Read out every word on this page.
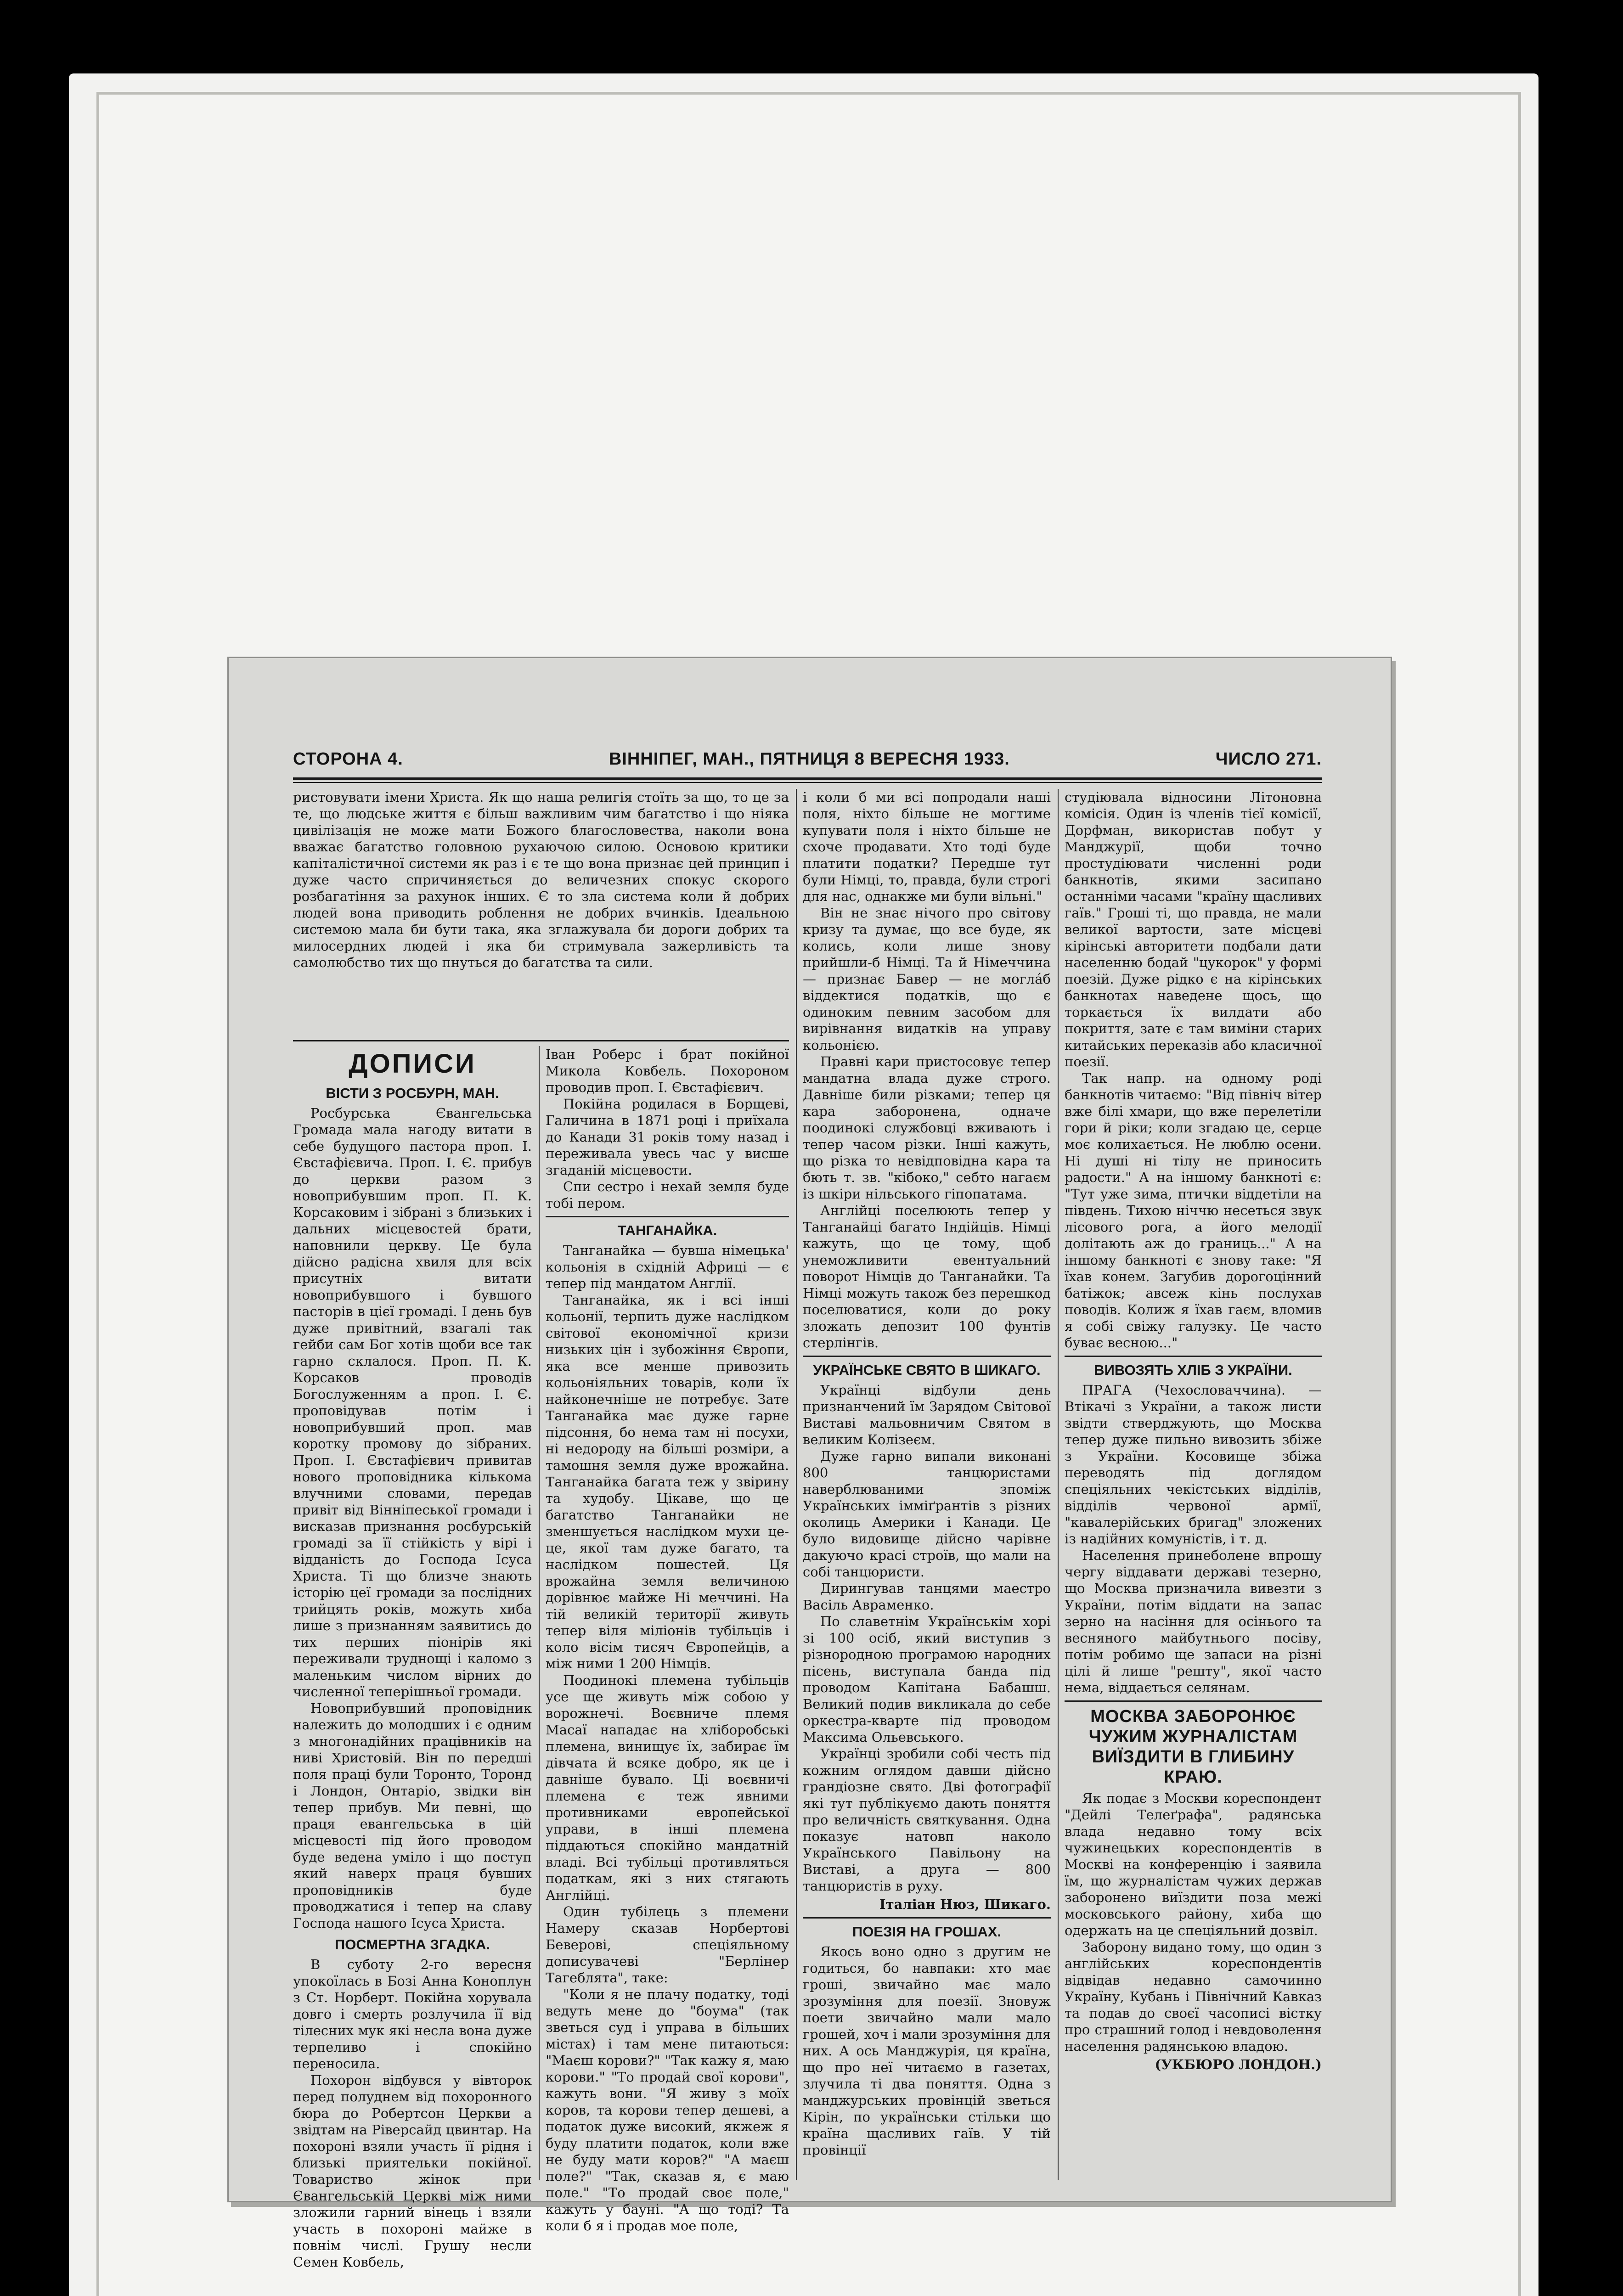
СТОРОНА 4.	ВІННІПЕГ, МАН., ПЯТНИЦЯ 8 ВЕРЕСНЯ 1933.	ЧИСЛО 271.

ристовувати імени Христа. Як що наша религія стоїть за що, то це за те, що людське життя є більш важливим чим багатство і що ніяка цивілізація не може мати Божого благословества, наколи вона вважає багатство головною рухаючою силою. Основою критики капіталістичної системи як раз і є те що вона признає цей принцип і дуже часто спричиняється до величезних спокус скорого розбагатіння за рахунок інших. Є то зла система коли й добрих людей вона приводить роблення не добрих вчинків. Ідеальною системою мала би бути така, яка зглажувала би дороги добрих та милосердних людей і яка би стримувала зажерливість та самолюбство тих що пнуться до багатства та сили.

ДОПИСИ
ВІСТИ З РОСБУРН, МАН.

Росбурська Євангельська Громада мала нагоду витати в себе будущого пастора проп. І. Євстафієвича. Проп. І. Є. прибув до церкви разом з новоприбувшим проп. П. К. Корсаковим і зібрані з близьких і дальних місцевостей брати, наповнили церкву. Це була дійсно радісна хвиля для всіх присутніх витати новоприбувшого і бувшого пасторів в цієї громаді. І день був дуже привітний, взагалі так гейби сам Бог хотів щоби все так гарно склалося. Проп. П. К. Корсаков проводів Богослуженням а проп. І. Є. проповідував потім і новоприбувший проп. мав коротку промову до зібраних. Проп. І. Євстафієвич привитав нового проповідника кількома влучними словами, передав привіт від Вінніпеської громади і висказав признання росбурській громаді за її стійкість у вірі і відданість до Господа Ісуса Христа. Ті що близче знають історію цеї громади за послідних трийцять років, можуть хиба лише з признанням заявитись до тих перших піонірів які переживали труднощі і каломо з маленьким числом вірних до численної теперішньої громади.

Новоприбувший проповідник належить до молодших і є одним з многонадійних працівників на ниві Христовій. Він по передші поля праці були Торонто, Торонд і Лондон, Онтаріо, звідки він тепер прибув. Ми певні, що праця евангельська в цій місцевості під його проводом буде ведена умілo і що поступ який наверх праця бувших проповідників буде проводжатися і тепер на славу Господа нашого Ісуса Христа.

ПОСМЕРТНА ЗГАДКА.

В суботу 2-го вересня упокоїлась в Бозі Анна Коноплун з Ст. Норберт. Покійна хорувала довго і смерть розлучила її від тілесних мук які несла вона дуже терпеливо і спокійно переносила.

Похорон відбувся у вівторок перед полуднем від похоронного бюра до Робертсон Церкви а звідтам на Ріверсайд цвинтар. На похороні взяли участь її рідня і близькі приятельки покійної. Товариство жінок при Євангельській Церкві між ними зложили гарний вінець і взяли участь в похороні майже в повнім числі. Грушу несли Семен Ковбель,

Іван Роберс і брат покійної Микола Ковбель. Похороном проводив проп. І. Євстафієвич.

Покійна родилася в Борщеві, Галичина в 1871 році і приїхала до Канади 31 років тому назад і переживала увесь час у висше згаданій місцевости.

Спи сестро і нехай земля буде тобі пером.

ТАНГАНАЙКА.

Танганайка — бувша німецька' кольонія в східній Африці — є тепер під мандатом Англії.

Танганайка, як і всі інші кольонії, терпить дуже наслідком світової економічної кризи низьких цін і зубожіння Європи, яка все менше привозить кольоніяльних товарів, коли їх найконечніше не потребує. Зате Танганайка має дуже гарне підсоння, бо нема там ні посухи, ні недороду на більші розміри, а тамошня земля дуже врожайна. Танганайка багата теж у звірину та худобу. Цікаве, що це багатство Танганайки не зменшується наслідком мухи це-це, якої там дуже багато, та наслідком пошестей. Ця врожайна земля величиною дорівнює майже Ні меччині. На тій великій території живуть тепер віля міліонів тубільців і коло вісім тисяч Європейців, а між ними 1 200 Німців.

Поодинокі племена тубільців усе ще живуть між собою у ворожнечі. Воєвниче племя Масаї нападає на хліборобські племена, винищує їх, забирає їм дівчата й всяке добро, як це і давніше бувало. Ці воєвничі племена є теж явними противниками европейської управи, в інші племена піддаються спокійно мандатній владі. Всі тубільці противляться податкам, які з них стягають Англійці.

Один тубілець з племени Намеру сказав Норбертові Беверові, спеціяльному дописувачеві "Берлінер Тагеблята", таке:

"Коли я не плачу податку, тоді ведуть мене до "боума" (так зветься суд і управа в більших містах) і там мене питаються: "Маєш корови?" "Так кажу я, маю корови." "То продай свої корови", кажуть вони. "Я живу з моїх коров, та корови тепер дешеві, а податок дуже високий, якжеж я буду платити податок, коли вже не буду мати коров?" "А маєш поле?" "Так, сказав я, є маю поле." "То продай своє поле," кажуть у бауні. "А що тоді? Та коли б я і продав мое поле,

і коли б ми всі попродали наші поля, ніхто більше не могтиме купувати поля і ніхто більше не схоче продавати. Хто тоді буде платити податки? Передше тут були Німці, то, правда, були строгі для нас, однакже ми були вільні."

Він не знає нічого про світову кризу та думає, що все буде, як колись, коли лише знову прийшли-б Німці. Та й Німеччина — признає Бавер — не могла́б віддектися податків, що є одиноким певним засобом для вирівнання видатків на управу кольонією.

Правні кари пристосовує тепер мандатна влада дуже строго. Давніше били різками; тепер ця кара заборонена, одначе поодинокі службовці вживають і тепер часом різки. Інші кажуть, що різка то невідповідна кара та бють т. зв. "кібоко," себто нагаєм із шкіри нільського гіпопатама.

Англійці поселюють тепер у Танганайці багато Індійців. Німці кажуть, що це тому, щоб унеможливити евентуальний поворот Німців до Танганайки. Та Німці можуть також без перешкод поселюватися, коли до року зложать депозит 100 фунтів стерлінгів.

УКРАЇНСЬКЕ СВЯТО В ШИКАГО.

Українці відбули день признанчений їм Зарядом Світової Виставі мальовничим Святом в великим Колізеєм.

Дуже гарно випали виконані 800 танцюристами наверблюваними зпоміж Українських імміґрантів з різних околиць Америки і Канади. Це було видовище дійсно чарівне дакуючо красі строїв, що мали на собі танцюристи.

Дирингував танцями маестро Васіль Авраменко.

По славетнім Українськім хорі зі 100 осіб, який виступив з різнородною програмою народних пісень, виступала банда під проводом Капітана Бабашш. Великий подив викликала до себе оркестра-кварте під проводом Максима Ольевського.

Українці зробили собі честь під кожним оглядом давши дійсно грандіозне свято. Дві фотографії які тут публікуємо дають поняття про величність святкування. Одна показує натовп наколо Українського Павільону на Виставі, а друга — 800 танцюристів в руху.

Італіан Нюз, Шикаго.
ПОЕЗІЯ НА ГРОШАХ.

Якось воно одно з другим не годиться, бо навпаки: хто має гроші, звичайно має мало зрозуміння для поезії. Зновуж поети звичайно мали мало грошей, хоч і мали зрозуміння для них. А ось Манджурія, ця країна, що про неї читаємо в газетах, злучила ті два поняття. Одна з манджурських провінцій зветься Кірін, по українськи стільки що країна щасливих гаїв. У тій провінції

студіювала відносини Літоновна комісія. Один із членів тієї комісії, Дорфман, використав побут у Манджурії, щоби точно простудіювати численні роди банкнотів, якими засипано останніми часами "країну щасливих гаїв." Гроші ті, що правда, не мали великої вартости, зате місцеві кірінські авторитети подбали дати населенню бодай "цукорок" у формі поезій. Дуже рідко є на кірінських банкнотах наведене щось, що торкається їх вилдати або покриття, зате є там виміни старих китайських переказів або класичної поезії.

Так напр. на одному роді банкнотів читаємо: "Від північ вітер вже білі хмари, що вже перелетіли гори й ріки; коли згадаю це, серце моє колихається. Не люблю осени. Ні душі ні тілу не приносить радости." А на іншому банкноті є: "Тут уже зима, птички віддетіли на південь. Тихою ніччю несеться звук лісового рога, а його мелодії долітають аж до границь..." А на іншому банкноті є знову таке: "Я їхав конем. Загубив дорогоцінний батіжок; авсеж кінь послухав поводів. Колиж я їхав гаєм, вломив я собі свіжу галузку. Це часто буває весною..."

ВИВОЗЯТЬ ХЛІБ З УКРАЇНИ.

ПРАГА (Чехословаччина). — Втікачі з України, а також листи звідти стверджують, що Москва тепер дуже пильно вивозить збіже з України. Косовище збіжа переводять під доглядом спеціяльних чекістських відділів, відділів червоної армії, "кавалерійських бригад" зложених із надійних комуністів, і т. д.

Населення принеболене впрошу чергу віддавати державі тезерно, що Москва призначила вивезти з України, потім віддати на запас зерно на насіння для осінього та весняного майбутнього посіву, потім робимо ще запаси на різні цілі й лише "решту", якої часто нема, віддається селянам.

МОСКВА ЗАБОРОНЮЄ ЧУЖИМ ЖУРНАЛІСТАМ ВИЇЗДИТИ В ГЛИБИНУ КРАЮ.

Як подає з Москви кореспондент "Дейлі Телеґрафа", радянська влада недавно тому всіх чужинецьких кореспондентів в Москві на конференцію і заявила їм, що журналістам чужих держав заборонено виїздити поза межі московського району, хиба що одержать на це спеціяльний дозвіл.

Заборону видано тому, що один з англійських кореспондентів відвідав недавно самочинно Україну, Кубань і Північний Кавказ та подав до своєї часописі вістку про страшний голод і невдоволення населення радянською владою.

(УКБЮРО ЛОНДОН.)
